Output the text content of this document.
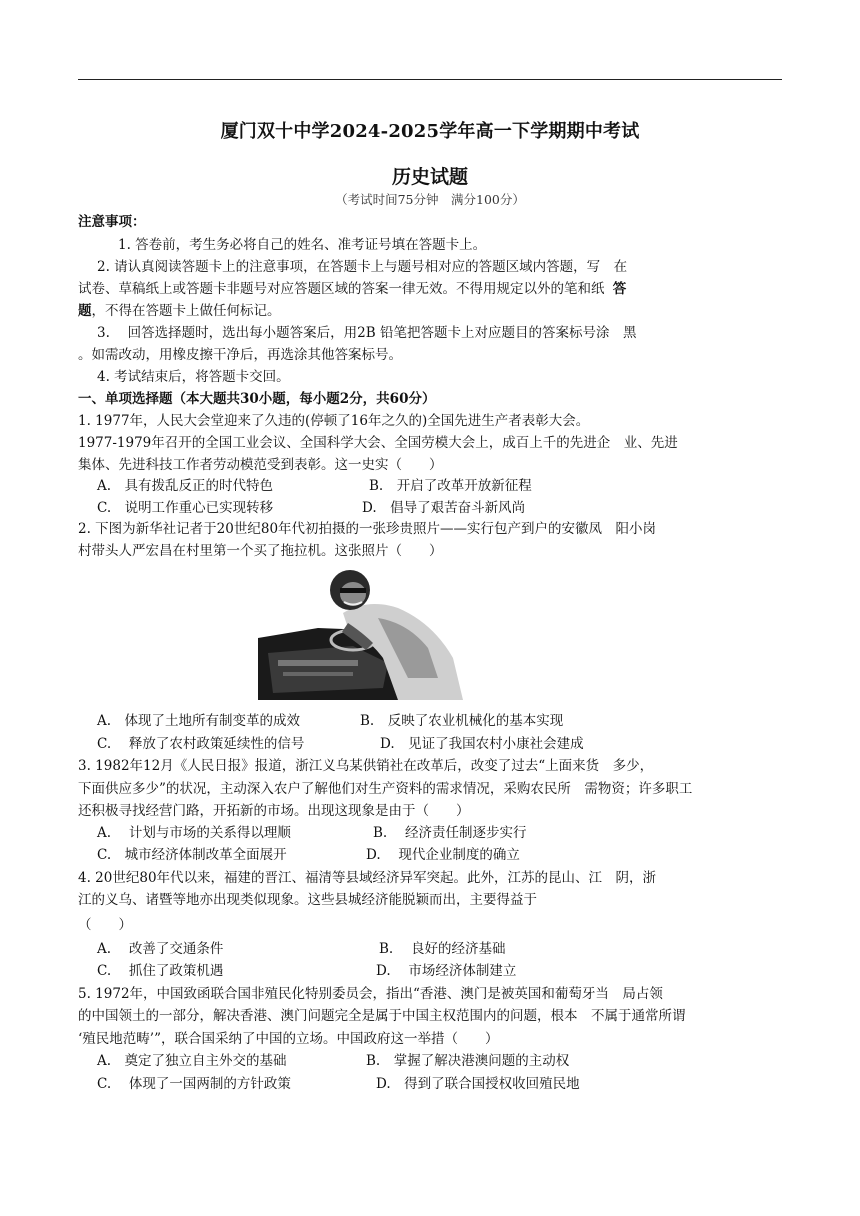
厦门双十中学2024-2025学年高一下学期期中考试
历史试题
（考试时间75分钟　满分100分）
注意事项：
1. 答卷前，考生务必将自己的姓名、准考证号填在答题卡上。
2. 请认真阅读答题卡上的注意事项，在答题卡上与题号相对应的答题区域内答题，写　在
试卷、草稿纸上或答题卡非题号对应答题区域的答案一律无效。不得用规定以外的笔和纸 答
题，不得在答题卡上做任何标记。
3.　 回答选择题时，选出每小题答案后，用2B 铅笔把答题卡上对应题目的答案标号涂　黑
。如需改动，用橡皮擦干净后，再选涂其他答案标号。
4. 考试结束后，将答题卡交回。
一、单项选择题（本大题共30小题，每小题2分，共60分）
1. 1977年，人民大会堂迎来了久违的(停顿了16年之久的)全国先进生产者表彰大会。
1977-1979年召开的全国工业会议、全国科学大会、全国劳模大会上，成百上千的先进企　业、先进
集体、先进科技工作者劳动模范受到表彰。这一史实（　　）
A.　具有拨乱反正的时代特色	B.　开启了改革开放新征程
C.　说明工作重心已实现转移	D.　倡导了艰苦奋斗新风尚
2. 下图为新华社记者于20世纪80年代初拍摄的一张珍贵照片——实行包产到户的安徽凤　阳小岗
村带头人严宏昌在村里第一个买了拖拉机。这张照片（　　）
A.　体现了土地所有制变革的成效	B.　反映了农业机械化的基本实现
C.　 释放了农村政策延续性的信号	D.　见证了我国农村小康社会建成
3. 1982年12月《人民日报》报道，浙江义乌某供销社在改革后，改变了过去“上面来货　多少，
下面供应多少”的状况，主动深入农户了解他们对生产资料的需求情况，采购农民所　需物资；许多职工
还积极寻找经营门路，开拓新的市场。出现这现象是由于（　　）
A.　 计划与市场的关系得以理顺	B.　 经济责任制逐步实行
C.　城市经济体制改革全面展开	D.　 现代企业制度的确立
4. 20世纪80年代以来，福建的晋江、福清等县域经济异军突起。此外，江苏的昆山、江　阴，浙
江的义乌、诸暨等地亦出现类似现象。这些县城经济能脱颖而出，主要得益于
（　　）
A.　 改善了交通条件	B.　 良好的经济基础
C.　 抓住了政策机遇	D.　 市场经济体制建立
5. 1972年，中国致函联合国非殖民化特别委员会，指出“香港、澳门是被英国和葡萄牙当　局占领
的中国领土的一部分，解决香港、澳门问题完全是属于中国主权范围内的问题，根本　不属于通常所谓
‘殖民地范畴’”，联合国采纳了中国的立场。中国政府这一举措（　　）
A.　奠定了独立自主外交的基础	B.　掌握了解决港澳问题的主动权
C.　 体现了一国两制的方针政策	D.　得到了联合国授权收回殖民地
